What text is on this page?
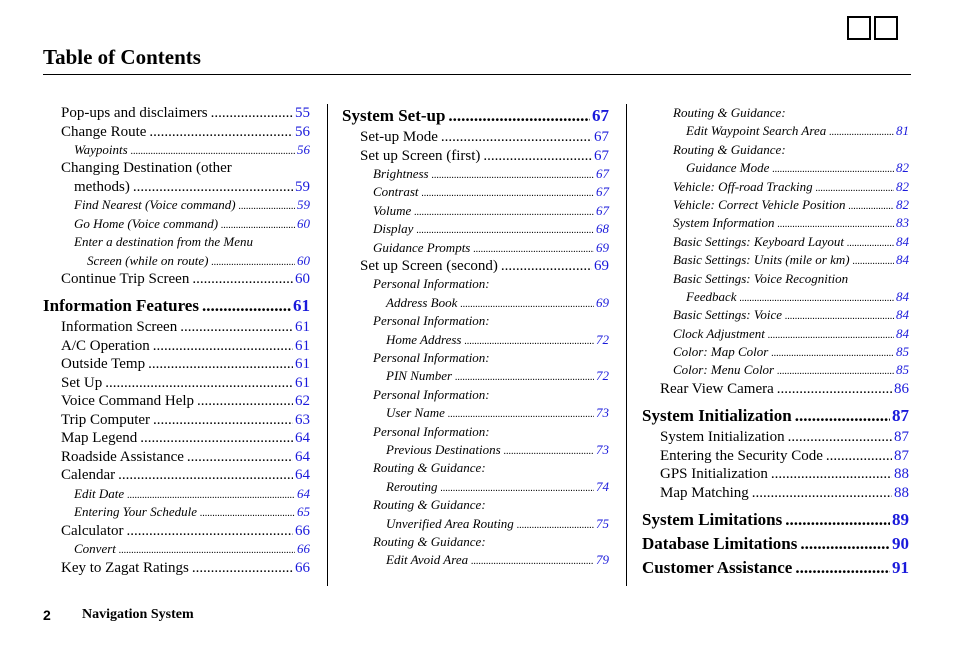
Table of Contents
Pop-ups and disclaimers .....	55
Change Route .....	56
Waypoints .....	56
Changing Destination (other
methods) .....	59
Find Nearest (Voice command) .....	59
Go Home (Voice command) .....	60
Enter a destination from the Menu
Screen (while on route) .....	60
Continue Trip Screen .....	60
Information Features .....	61
Information Screen .....	61
A/C Operation .....	61
Outside Temp .....	61
Set Up .....	61
Voice Command Help .....	62
Trip Computer .....	63
Map Legend .....	64
Roadside Assistance .....	64
Calendar .....	64
Edit Date .....	64
Entering Your Schedule .....	65
Calculator .....	66
Convert .....	66
Key to Zagat Ratings .....	66
System Set-up .....	67
Set-up Mode .....	67
Set up Screen (first) .....	67
Brightness .....	67
Contrast .....	67
Volume .....	67
Display .....	68
Guidance Prompts .....	69
Set up Screen (second) .....	69
Personal Information:
Address Book .....	69
Personal Information:
Home Address .....	72
Personal Information:
PIN Number .....	72
Personal Information:
User Name .....	73
Personal Information:
Previous Destinations .....	73
Routing & Guidance:
Rerouting .....	74
Routing & Guidance:
Unverified Area Routing .....	75
Routing & Guidance:
Edit Avoid Area .....	79
Routing & Guidance:
Edit Waypoint Search Area .....	81
Routing & Guidance:
Guidance Mode .....	82
Vehicle: Off-road Tracking .....	82
Vehicle: Correct Vehicle Position .....	82
System Information .....	83
Basic Settings: Keyboard Layout .....	84
Basic Settings: Units (mile or km) .....	84
Basic Settings: Voice Recognition
Feedback .....	84
Basic Settings: Voice .....	84
Clock Adjustment .....	84
Color: Map Color .....	85
Color: Menu Color .....	85
Rear View Camera .....	86
System Initialization .....	87
System Initialization .....	87
Entering the Security Code .....	87
GPS Initialization .....	88
Map Matching .....	88
System Limitations .....	89
Database Limitations .....	90
Customer Assistance .....	91
2 Navigation System
